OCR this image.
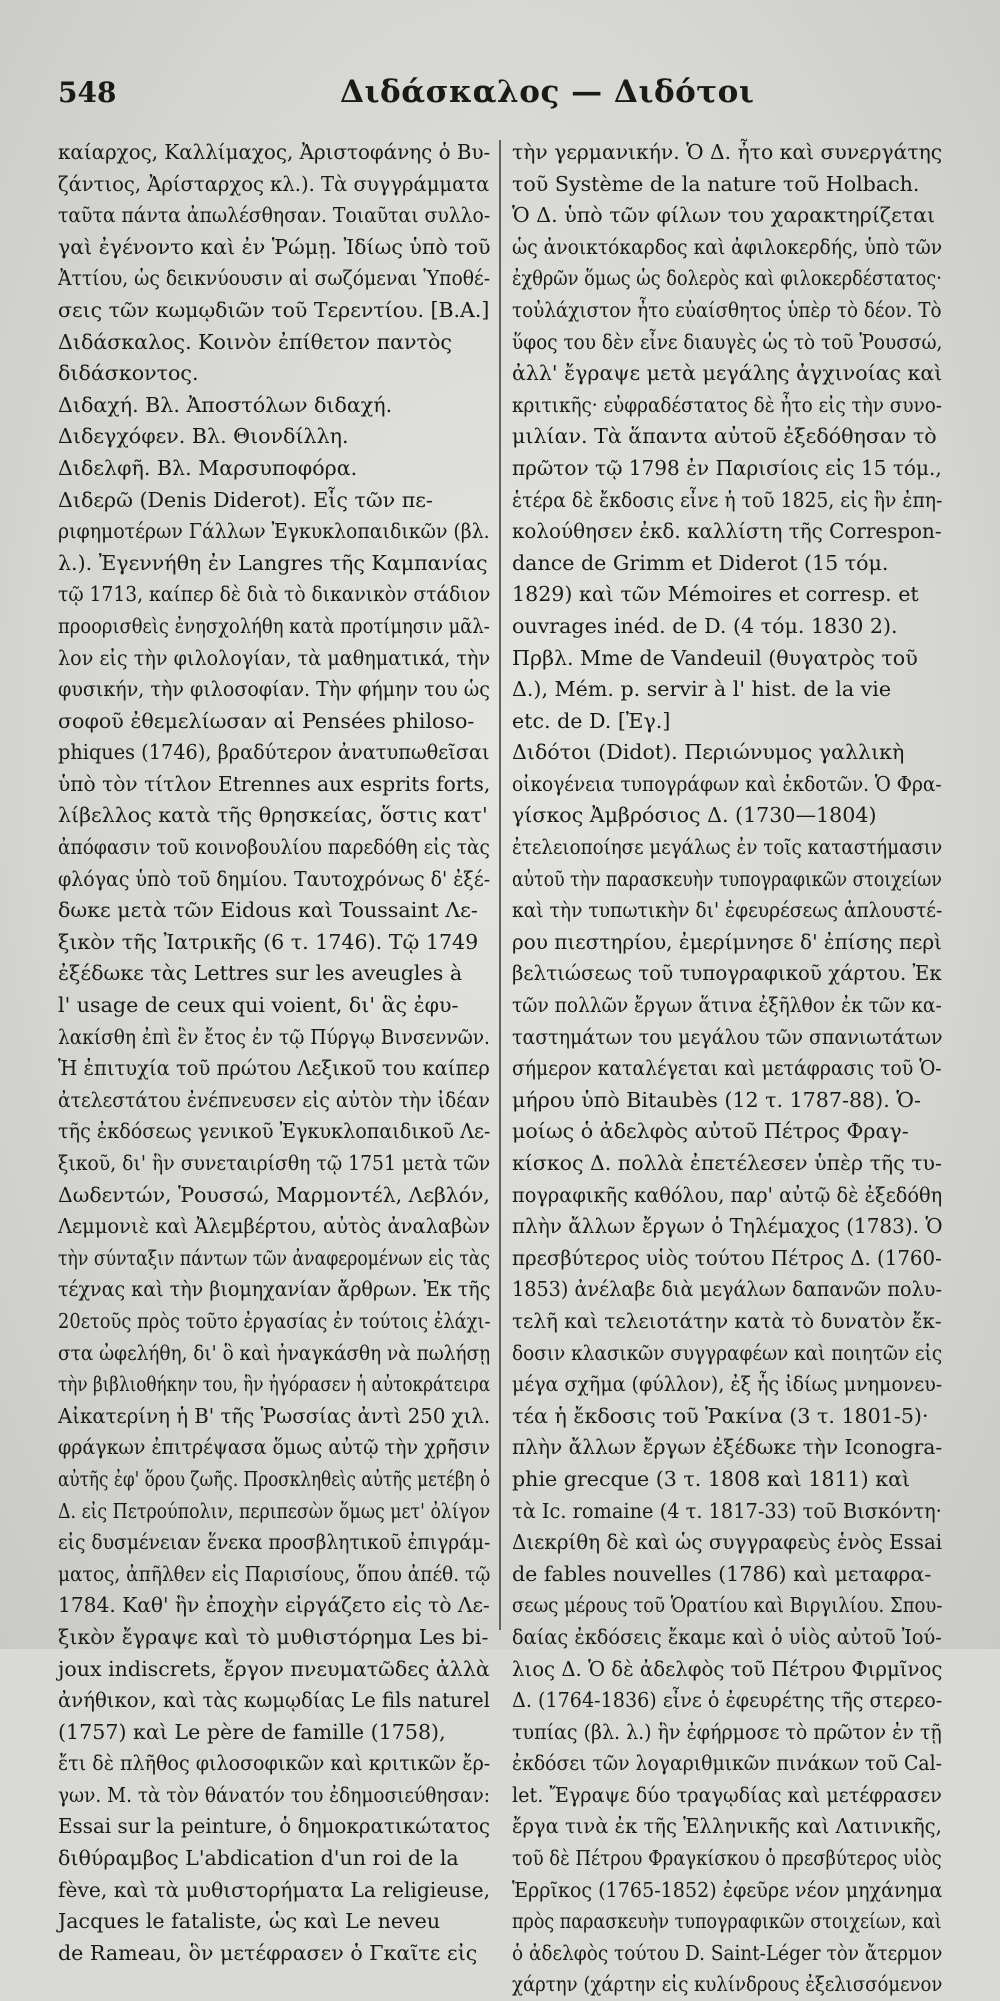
548	Διδάσκαλος — Διδότοι
καίαρχος, Καλλίμαχος, Ἀριστοφάνης ὁ Βυ-
ζάντιος, Ἀρίσταρχος κλ.). Τὰ συγγράμματα
ταῦτα πάντα ἀπωλέσθησαν. Τοιαῦται συλλο-
γαὶ ἐγένοντο καὶ ἐν Ῥώμῃ. Ἰδίως ὑπὸ τοῦ
Ἀττίου, ὡς δεικνύουσιν αἱ σωζόμεναι Ὑποθέ-
σεις τῶν κωμῳδιῶν τοῦ Τερεντίου. [Β.Α.]
Διδάσκαλος. Κοινὸν ἐπίθετον παντὸς
διδάσκοντος.
Διδαχή. Βλ. Ἀποστόλων διδαχή.
Διδεγχόφεν. Βλ. Θιονδίλλη.
Διδελφῆ. Βλ. Μαρσυποφόρα.
Διδερῶ (Denis Diderot). Εἷς τῶν πε-
ριφημοτέρων Γάλλων Ἐγκυκλοπαιδικῶν (βλ.
λ.). Ἐγεννήθη ἐν Langres τῆς Καμπανίας
τῷ 1713, καίπερ δὲ διὰ τὸ δικανικὸν στάδιον
προορισθεὶς ἐνησχολήθη κατὰ προτίμησιν μᾶλ-
λον εἰς τὴν φιλολογίαν, τὰ μαθηματικά, τὴν
φυσικήν, τὴν φιλοσοφίαν. Τὴν φήμην του ὡς
σοφοῦ ἐθεμελίωσαν αἱ Pensées philoso-
phiques (1746), βραδύτερον ἀνατυπωθεῖσαι
ὑπὸ τὸν τίτλον Etrennes aux esprits forts,
λίβελλος κατὰ τῆς θρησκείας, ὅστις κατ'
ἀπόφασιν τοῦ κοινοβουλίου παρεδόθη εἰς τὰς
φλόγας ὑπὸ τοῦ δημίου. Ταυτοχρόνως δ' ἐξέ-
δωκε μετὰ τῶν Eidous καὶ Toussaint Λε-
ξικὸν τῆς Ἰατρικῆς (6 τ. 1746). Τῷ 1749
ἐξέδωκε τὰς Lettres sur les aveugles à
l' usage de ceux qui voient, δι' ἃς ἐφυ-
λακίσθη ἐπὶ ἓν ἔτος ἐν τῷ Πύργῳ Βινσεννῶν.
Ἡ ἐπιτυχία τοῦ πρώτου Λεξικοῦ του καίπερ
ἀτελεστάτου ἐνέπνευσεν εἰς αὐτὸν τὴν ἰδέαν
τῆς ἐκδόσεως γενικοῦ Ἐγκυκλοπαιδικοῦ Λε-
ξικοῦ, δι' ἣν συνεταιρίσθη τῷ 1751 μετὰ τῶν
Δωδεντών, Ῥουσσώ, Μαρμοντέλ, Λεβλόν,
Λεμμονιὲ καὶ Ἀλεμβέρτου, αὐτὸς ἀναλαβὼν
τὴν σύνταξιν πάντων τῶν ἀναφερομένων εἰς τὰς
τέχνας καὶ τὴν βιομηχανίαν ἄρθρων. Ἐκ τῆς
20ετοῦς πρὸς τοῦτο ἐργασίας ἐν τούτοις ἐλάχι-
στα ὠφελήθη, δι' ὃ καὶ ἠναγκάσθη νὰ πωλήσῃ
τὴν βιβλιοθήκην του, ἣν ἠγόρασεν ἡ αὐτοκράτειρα
Αἰκατερίνη ἡ Β' τῆς Ῥωσσίας ἀντὶ 250 χιλ.
φράγκων ἐπιτρέψασα ὅμως αὐτῷ τὴν χρῆσιν
αὐτῆς ἐφ' ὅρου ζωῆς. Προσκληθεὶς αὐτῆς μετέβη ὁ
Δ. εἰς Πετρούπολιν, περιπεσὼν ὅμως μετ' ὀλίγον
εἰς δυσμένειαν ἕνεκα προσβλητικοῦ ἐπιγράμ-
ματος, ἀπῆλθεν εἰς Παρισίους, ὅπου ἀπέθ. τῷ
1784. Καθ' ἣν ἐποχὴν εἰργάζετο εἰς τὸ Λε-
ξικὸν ἔγραψε καὶ τὸ μυθιστόρημα Les bi-
joux indiscrets, ἔργον πνευματῶδες ἀλλὰ
ἀνήθικον, καὶ τὰς κωμῳδίας Le fils naturel
(1757) καὶ Le père de famille (1758),
ἔτι δὲ πλῆθος φιλοσοφικῶν καὶ κριτικῶν ἔρ-
γων. Μ. τὰ τὸν θάνατόν του ἐδημοσιεύθησαν:
Essai sur la peinture, ὁ δημοκρατικώτατος
διθύραμβος L'abdication d'un roi de la
fève, καὶ τὰ μυθιστορήματα La religieuse,
Jacques le fataliste, ὡς καὶ Le neveu
de Rameau, ὃν μετέφρασεν ὁ Γκαῖτε εἰς
τὴν γερμανικήν. Ὁ Δ. ἦτο καὶ συνεργάτης
τοῦ Système de la nature τοῦ Holbach.
Ὁ Δ. ὑπὸ τῶν φίλων του χαρακτηρίζεται
ὡς ἀνοικτόκαρδος καὶ ἀφιλοκερδής, ὑπὸ τῶν
ἐχθρῶν ὅμως ὡς δολερὸς καὶ φιλοκερδέστατος·
τοὐλάχιστον ἦτο εὐαίσθητος ὑπὲρ τὸ δέον. Τὸ
ὕφος του δὲν εἶνε διαυγὲς ὡς τὸ τοῦ Ῥουσσώ,
ἀλλ' ἔγραψε μετὰ μεγάλης ἀγχινοίας καὶ
κριτικῆς· εὐφραδέστατος δὲ ἦτο εἰς τὴν συνο-
μιλίαν. Τὰ ἅπαντα αὐτοῦ ἐξεδόθησαν τὸ
πρῶτον τῷ 1798 ἐν Παρισίοις εἰς 15 τόμ.,
ἑτέρα δὲ ἔκδοσις εἶνε ἡ τοῦ 1825, εἰς ἣν ἐπη-
κολούθησεν ἐκδ. καλλίστη τῆς Correspon-
dance de Grimm et Diderot (15 τόμ.
1829) καὶ τῶν Mémoires et corresp. et
ouvrages inéd. de D. (4 τόμ. 1830 2).
Πρβλ. Mme de Vandeuil (θυγατρὸς τοῦ
Δ.), Mém. p. servir à l' hist. de la vie
etc. de D. [Ἐγ.]
Διδότοι (Didot). Περιώνυμος γαλλικὴ
οἰκογένεια τυπογράφων καὶ ἐκδοτῶν. Ὁ Φρα-
γίσκος Ἀμβρόσιος Δ. (1730—1804)
ἐτελειοποίησε μεγάλως ἐν τοῖς καταστήμασιν
αὐτοῦ τὴν παρασκευὴν τυπογραφικῶν στοιχείων
καὶ τὴν τυπωτικὴν δι' ἐφευρέσεως ἁπλουστέ-
ρου πιεστηρίου, ἐμερίμνησε δ' ἐπίσης περὶ
βελτιώσεως τοῦ τυπογραφικοῦ χάρτου. Ἐκ
τῶν πολλῶν ἔργων ἅτινα ἐξῆλθον ἐκ τῶν κα-
ταστημάτων του μεγάλου τῶν σπανιωτάτων
σήμερον καταλέγεται καὶ μετάφρασις τοῦ Ὁ-
μήρου ὑπὸ Bitaubès (12 τ. 1787-88). Ὁ-
μοίως ὁ ἀδελφὸς αὐτοῦ Πέτρος Φραγ-
κίσκος Δ. πολλὰ ἐπετέλεσεν ὑπὲρ τῆς τυ-
πογραφικῆς καθόλου, παρ' αὐτῷ δὲ ἐξεδόθη
πλὴν ἄλλων ἔργων ὁ Τηλέμαχος (1783). Ὁ
πρεσβύτερος υἱὸς τούτου Πέτρος Δ. (1760-
1853) ἀνέλαβε διὰ μεγάλων δαπανῶν πολυ-
τελῆ καὶ τελειοτάτην κατὰ τὸ δυνατὸν ἔκ-
δοσιν κλασικῶν συγγραφέων καὶ ποιητῶν εἰς
μέγα σχῆμα (φύλλον), ἐξ ἧς ἰδίως μνημονευ-
τέα ἡ ἔκδοσις τοῦ Ῥακίνα (3 τ. 1801-5)·
πλὴν ἄλλων ἔργων ἐξέδωκε τὴν Iconogra-
phie grecque (3 τ. 1808 καὶ 1811) καὶ
τὰ Ic. romaine (4 τ. 1817-33) τοῦ Βισκόντη·
Διεκρίθη δὲ καὶ ὡς συγγραφεὺς ἑνὸς Essai
de fables nouvelles (1786) καὶ μεταφρα-
σεως μέρους τοῦ Ὁρατίου καὶ Βιργιλίου. Σπου-
δαίας ἐκδόσεις ἔκαμε καὶ ὁ υἱὸς αὐτοῦ Ἰού-
λιος Δ. Ὁ δὲ ἀδελφὸς τοῦ Πέτρου Φιρμῖνος
Δ. (1764-1836) εἶνε ὁ ἐφευρέτης τῆς στερεο-
τυπίας (βλ. λ.) ἣν ἐφήρμοσε τὸ πρῶτον ἐν τῇ
ἐκδόσει τῶν λογαριθμικῶν πινάκων τοῦ Cal-
let. Ἔγραψε δύο τραγῳδίας καὶ μετέφρασεν
ἔργα τινὰ ἐκ τῆς Ἑλληνικῆς καὶ Λατινικῆς,
τοῦ δὲ Πέτρου Φραγκίσκου ὁ πρεσβύτερος υἱὸς
Ἑρρῖκος (1765-1852) ἐφεῦρε νέον μηχάνημα
πρὸς παρασκευὴν τυπογραφικῶν στοιχείων, καὶ
ὁ ἀδελφὸς τούτου D. Saint-Léger τὸν ἄτερμον
χάρτην (χάρτην εἰς κυλίνδρους ἐξελισσόμενον
